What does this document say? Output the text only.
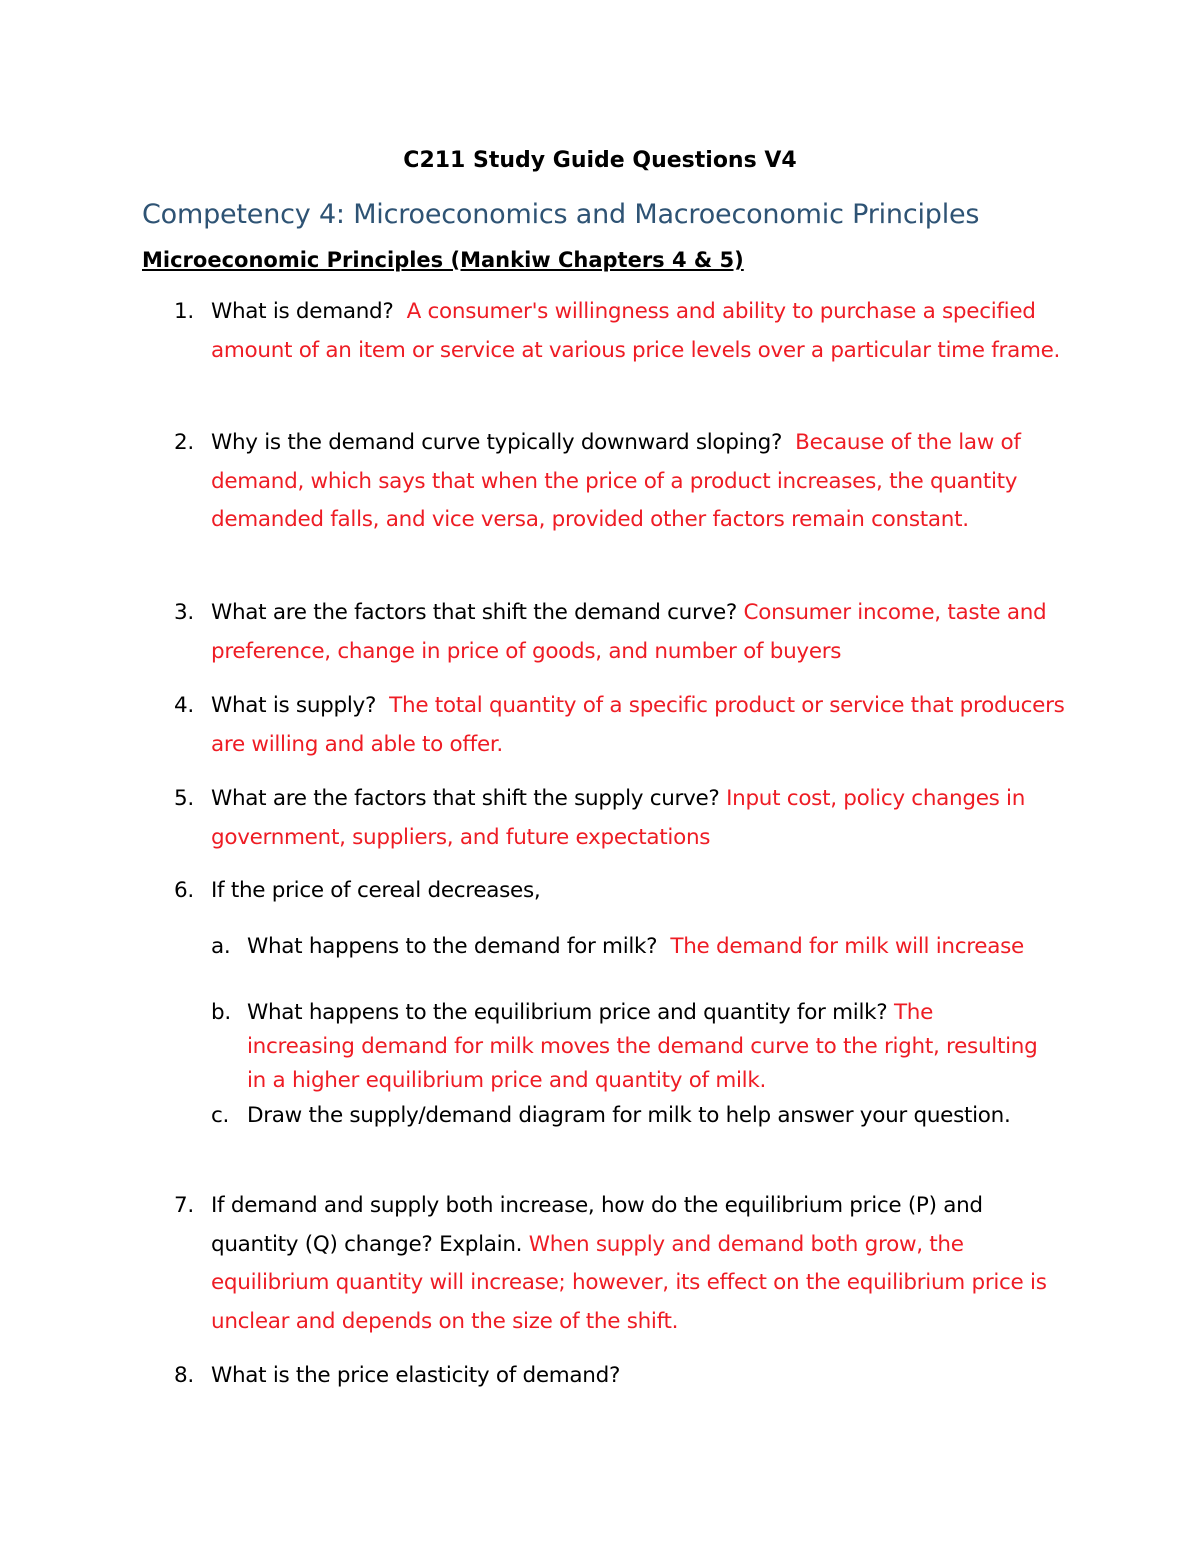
C211 Study Guide Questions V4
Competency 4: Microeconomics and Macroeconomic Principles
Microeconomic Principles (Mankiw Chapters 4 & 5)
1. What is demand? A consumer's willingness and ability to purchase a specified amount of an item or service at various price levels over a particular time frame.
2. Why is the demand curve typically downward sloping? Because of the law of demand, which says that when the price of a product increases, the quantity demanded falls, and vice versa, provided other factors remain constant.
3. What are the factors that shift the demand curve? Consumer income, taste and preference, change in price of goods, and number of buyers
4. What is supply? The total quantity of a specific product or service that producers are willing and able to offer.
5. What are the factors that shift the supply curve? Input cost, policy changes in government, suppliers, and future expectations
6. If the price of cereal decreases,
a. What happens to the demand for milk? The demand for milk will increase
b. What happens to the equilibrium price and quantity for milk? The increasing demand for milk moves the demand curve to the right, resulting in a higher equilibrium price and quantity of milk.
c. Draw the supply/demand diagram for milk to help answer your question.
7. If demand and supply both increase, how do the equilibrium price (P) and quantity (Q) change? Explain. When supply and demand both grow, the equilibrium quantity will increase; however, its effect on the equilibrium price is unclear and depends on the size of the shift.
8. What is the price elasticity of demand?
